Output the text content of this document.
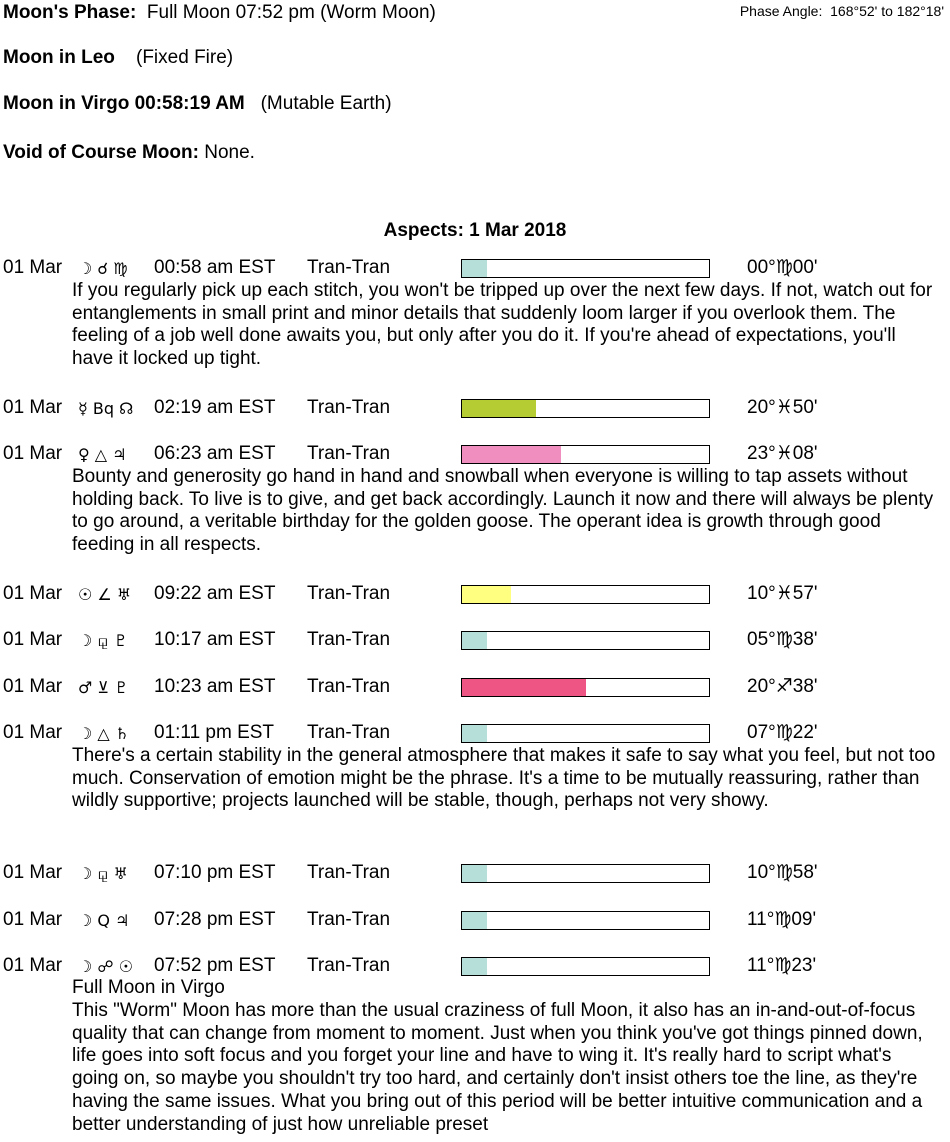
Moon's Phase: Full Moon 07:52 pm (Worm Moon)	Phase Angle: 168°52' to 182°18'
Moon in Leo (Fixed Fire)
Moon in Virgo 00:58:19 AM (Mutable Earth)
Void of Course Moon: None.
Aspects: 1 Mar 2018
01 Mar ☽ ☌ ♍ 00:58 am EST Tran-Tran	00°♍00'
If you regularly pick up each stitch, you won't be tripped up over the next few days. If not, watch out for entanglements in small print and minor details that suddenly loom larger if you overlook them. The feeling of a job well done awaits you, but only after you do it. If you're ahead of expectations, you'll have it locked up tight.
01 Mar ☿ Bq ☊ 02:19 am EST Tran-Tran	20°♓50'
01 Mar ♀ △ ♃ 06:23 am EST Tran-Tran	23°♓08'
Bounty and generosity go hand in hand and snowball when everyone is willing to tap assets without holding back. To live is to give, and get back accordingly. Launch it now and there will always be plenty to go around, a veritable birthday for the golden goose. The operant idea is growth through good feeding in all respects.
01 Mar ☉ ∠ ♅ 09:22 am EST Tran-Tran	10°♓57'
01 Mar ☽ ⚼ ♇ 10:17 am EST Tran-Tran	05°♍38'
01 Mar ♂ ⊻ ♇ 10:23 am EST Tran-Tran	20°♐38'
01 Mar ☽ △ ♄ 01:11 pm EST Tran-Tran	07°♍22'
There's a certain stability in the general atmosphere that makes it safe to say what you feel, but not too much. Conservation of emotion might be the phrase. It's a time to be mutually reassuring, rather than wildly supportive; projects launched will be stable, though, perhaps not very showy.
01 Mar ☽ ⚼ ♅ 07:10 pm EST Tran-Tran	10°♍58'
01 Mar ☽ Q ♃ 07:28 pm EST Tran-Tran	11°♍09'
01 Mar ☽ ☍ ☉ 07:52 pm EST Tran-Tran	11°♍23'
Full Moon in Virgo
This "Worm" Moon has more than the usual craziness of full Moon, it also has an in-and-out-of-focus quality that can change from moment to moment. Just when you think you've got things pinned down, life goes into soft focus and you forget your line and have to wing it. It's really hard to script what's going on, so maybe you shouldn't try too hard, and certainly don't insist others toe the line, as they're having the same issues. What you bring out of this period will be better intuitive communication and a better understanding of just how unreliable preset
